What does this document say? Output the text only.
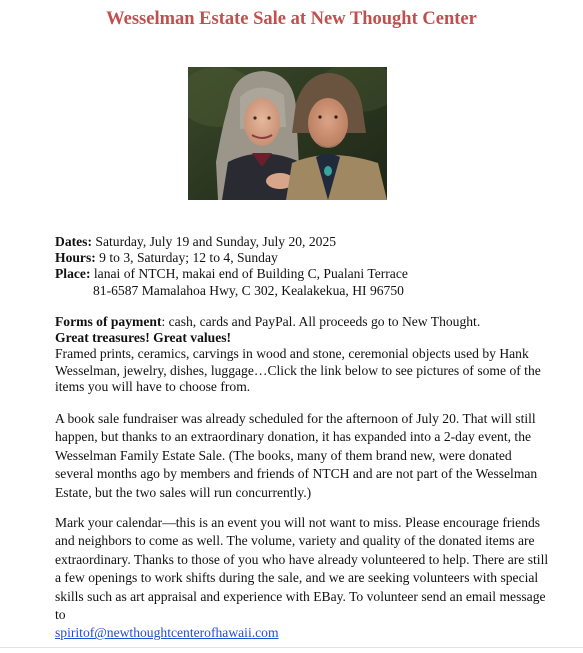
Wesselman Estate Sale at New Thought Center
Dates: Saturday, July 19 and Sunday, July 20, 2025
Hours: 9 to 3, Saturday; 12 to 4, Sunday
Place: lanai of NTCH, makai end of Building C, Pualani Terrace
81-6587 Mamalahoa Hwy, C 302, Kealakekua, HI 96750
Forms of payment: cash, cards and PayPal. All proceeds go to New Thought.
Great treasures! Great values!
Framed prints, ceramics, carvings in wood and stone, ceremonial objects used by Hank Wesselman, jewelry, dishes, luggage…Click the link below to see pictures of some of the items you will have to choose from.
A book sale fundraiser was already scheduled for the afternoon of July 20. That will still happen, but thanks to an extraordinary donation, it has expanded into a 2-day event, the Wesselman Family Estate Sale. (The books, many of them brand new, were donated several months ago by members and friends of NTCH and are not part of the Wesselman Estate, but the two sales will run concurrently.)
Mark your calendar—this is an event you will not want to miss. Please encourage friends and neighbors to come as well. The volume, variety and quality of the donated items are extraordinary. Thanks to those of you who have already volunteered to help. There are still a few openings to work shifts during the sale, and we are seeking volunteers with special skills such as art appraisal and experience with EBay. To volunteer send an email message to
spiritof@newthoughtcenterofhawaii.com
